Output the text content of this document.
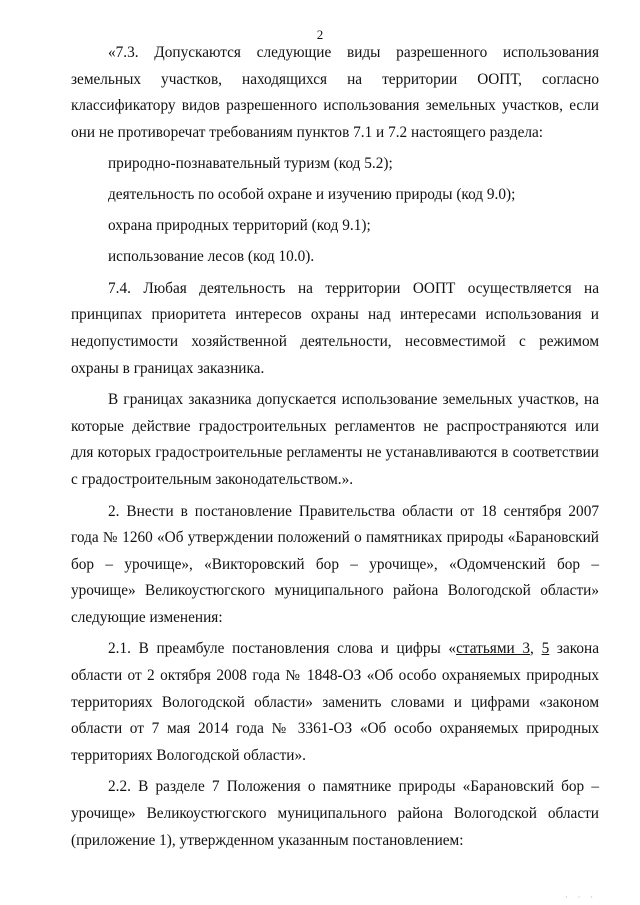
2

«7.3. Допускаются следующие виды разрешенного использования земельных участков, находящихся на территории ООПТ, согласно классификатору видов разрешенного использования земельных участков, если они не противоречат требованиям пунктов 7.1 и 7.2 настоящего раздела:

природно-познавательный туризм (код 5.2);

деятельность по особой охране и изучению природы (код 9.0);

охрана природных территорий (код 9.1);

использование лесов (код 10.0).

7.4. Любая деятельность на территории ООПТ осуществляется на принципах приоритета интересов охраны над интересами использования и недопустимости хозяйственной деятельности, несовместимой с режимом охраны в границах заказника.

В границах заказника допускается использование земельных участков, на которые действие градостроительных регламентов не распространяются или для которых градостроительные регламенты не устанавливаются в соответствии с градостроительным законодательством.».

2. Внести в постановление Правительства области от 18 сентября 2007 года № 1260 «Об утверждении положений о памятниках природы «Барановский бор – урочище», «Викторовский бор – урочище», «Одомченский бор – урочище» Великоустюгского муниципального района Вологодской области» следующие изменения:

2.1. В преамбуле постановления слова и цифры «статьями 3, 5 закона области от 2 октября 2008 года № 1848-ОЗ «Об особо охраняемых природных территориях Вологодской области» заменить словами и цифрами «законом области от 7 мая 2014 года № 3361-ОЗ «Об особо охраняемых природных территориях Вологодской области».

2.2. В разделе 7 Положения о памятнике природы «Барановский бор – урочище» Великоустюгского муниципального района Вологодской области (приложение 1), утвержденном указанным постановлением:

· · ·
